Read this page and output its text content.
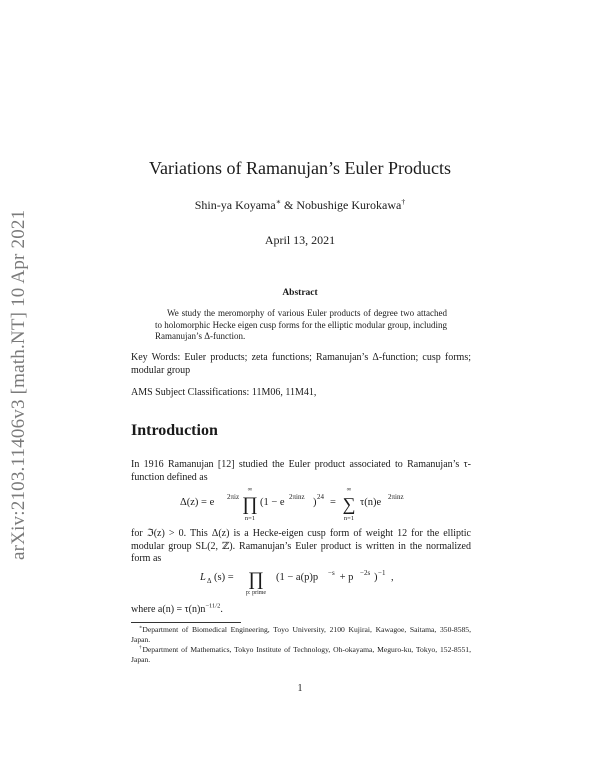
arXiv:2103.11406v3 [math.NT] 10 Apr 2021
Variations of Ramanujan’s Euler Products
Shin-ya Koyama∗ & Nobushige Kurokawa†
April 13, 2021
Abstract
We study the meromorphy of various Euler products of degree two attached to holomorphic Hecke eigen cusp forms for the elliptic modular group, including Ramanujan’s Δ-function.
Key Words: Euler products; zeta functions; Ramanujan’s Δ-function; cusp forms; modular group
AMS Subject Classifications: 11M06, 11M41,
Introduction
In 1916 Ramanujan [12] studied the Euler product associated to Ramanujan’s τ-function defined as
Δ(z) = e 2πiz
∞
∏
n=1
(1 − e 2πinz ) 24 =
∞
∑
n=1
τ(n)e 2πinz
for ℑ(z) > 0. This Δ(z) is a Hecke-eigen cusp form of weight 12 for the elliptic modular group SL(2, ℤ). Ramanujan’s Euler product is written in the normalized form as
L Δ (s) = ∏
p: prime
(1 − a(p)p −s + p −2s ) −1 ,
where $a(n) = \tau(n)n^{-11/2}$.
∗Department of Biomedical Engineering, Toyo University, 2100 Kujirai, Kawagoe, Saitama, 350-8585, Japan.
†Department of Mathematics, Tokyo Institute of Technology, Oh-okayama, Meguro-ku, Tokyo, 152-8551, Japan.
1
